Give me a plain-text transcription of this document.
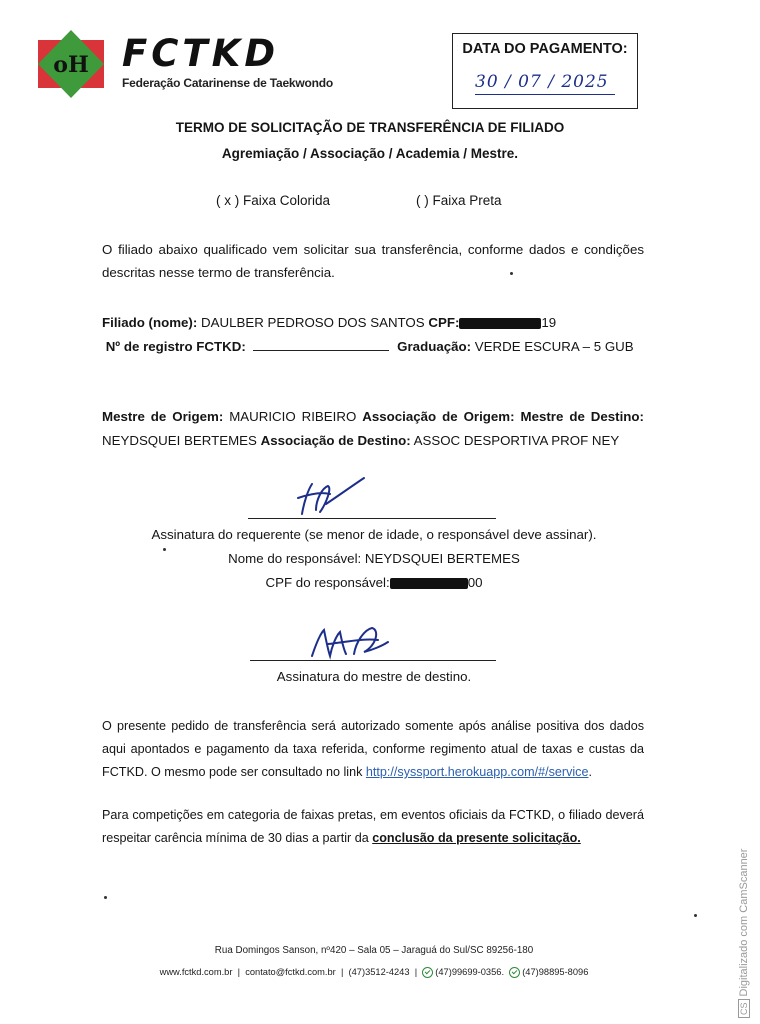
oH FCTKD
Federação Catarinense de Taekwondo
DATA DO PAGAMENTO:
30 / 07 / 2025
TERMO DE SOLICITAÇÃO DE TRANSFERÊNCIA DE FILIADO
Agremiação / Associação / Academia / Mestre.
( x ) Faixa Colorida	( ) Faixa Preta
O filiado abaixo qualificado vem solicitar sua transferência, conforme dados e condições descritas nesse termo de transferência.
Filiado (nome): DAULBER PEDROSO DOS SANTOS CPF:	19
Nº de registro FCTKD:	Graduação: VERDE ESCURA – 5 GUB
Mestre de Origem: MAURICIO RIBEIRO Associação de Origem: Mestre de Destino: NEYDSQUEI BERTEMES Associação de Destino: ASSOC DESPORTIVA PROF NEY
Assinatura do requerente (se menor de idade, o responsável deve assinar).
Nome do responsável: NEYDSQUEI BERTEMES
CPF do responsável:	00
Assinatura do mestre de destino.
O presente pedido de transferência será autorizado somente após análise positiva dos dados aqui apontados e pagamento da taxa referida, conforme regimento atual de taxas e custas da FCTKD. O mesmo pode ser consultado no link http://syssport.herokuapp.com/#/service.
Para competições em categoria de faixas pretas, em eventos oficiais da FCTKD, o filiado deverá respeitar carência mínima de 30 dias a partir da conclusão da presente solicitação.
Rua Domingos Sanson, nº420 – Sala 05 – Jaraguá do Sul/SC 89256-180
www.fctkd.com.br  |  contato@fctkd.com.br  |  (47)3512-4243  |  (47)99699-0356. (47)98895-8096
CSDigitalizado com CamScanner
